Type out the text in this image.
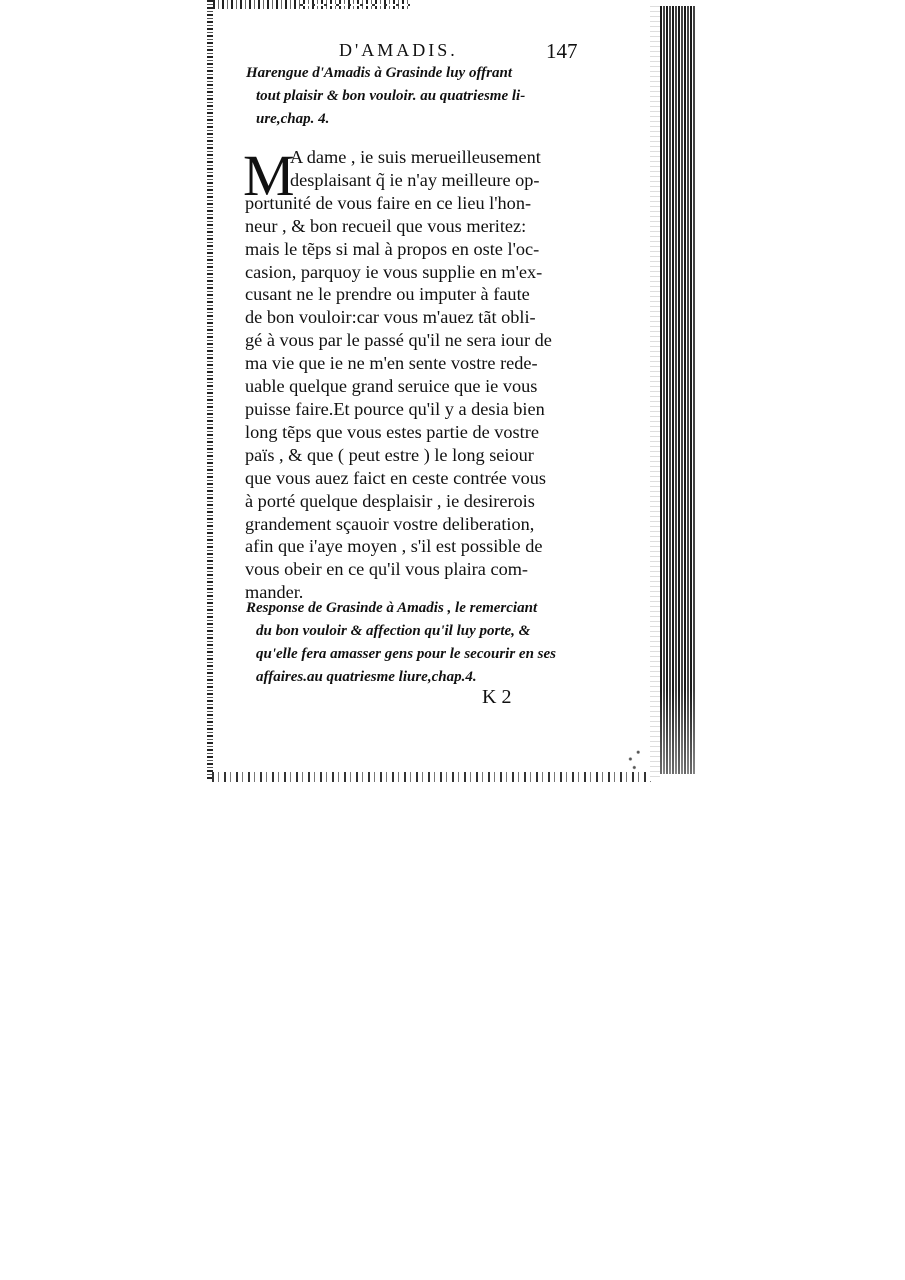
D'AMADIS.	147
Harengue d'Amadis à Grasinde luy offrant
tout plaisir & bon vouloir. au quatriesme li-
ure,chap. 4.
M
A dame , ie suis merueilleusement
desplaisant q̃ ie n'ay meilleure op-
portunité de vous faire en ce lieu l'hon-
neur , & bon recueil que vous meritez:
mais le tẽps si mal à propos en oste l'oc-
casion, parquoy ie vous supplie en m'ex-
cusant ne le prendre ou imputer à faute
de bon vouloir:car vous m'auez tãt obli-
gé à vous par le passé qu'il ne sera iour de
ma vie que ie ne m'en sente vostre rede-
uable quelque grand seruice que ie vous
puisse faire.Et pource qu'il y a desia bien
long tẽps que vous estes partie de vostre
païs , & que ( peut estre ) le long seiour
que vous auez faict en ceste contrée vous
à porté quelque desplaisir , ie desirerois
grandement sçauoir vostre deliberation,
afin que i'aye moyen , s'il est possible de
vous obeir en ce qu'il vous plaira com-
mander.
Response de Grasinde à Amadis , le remerciant
du bon vouloir & affection qu'il luy porte, &
qu'elle fera amasser gens pour le secourir en ses
affaires.au quatriesme liure,chap.4.
K 2
